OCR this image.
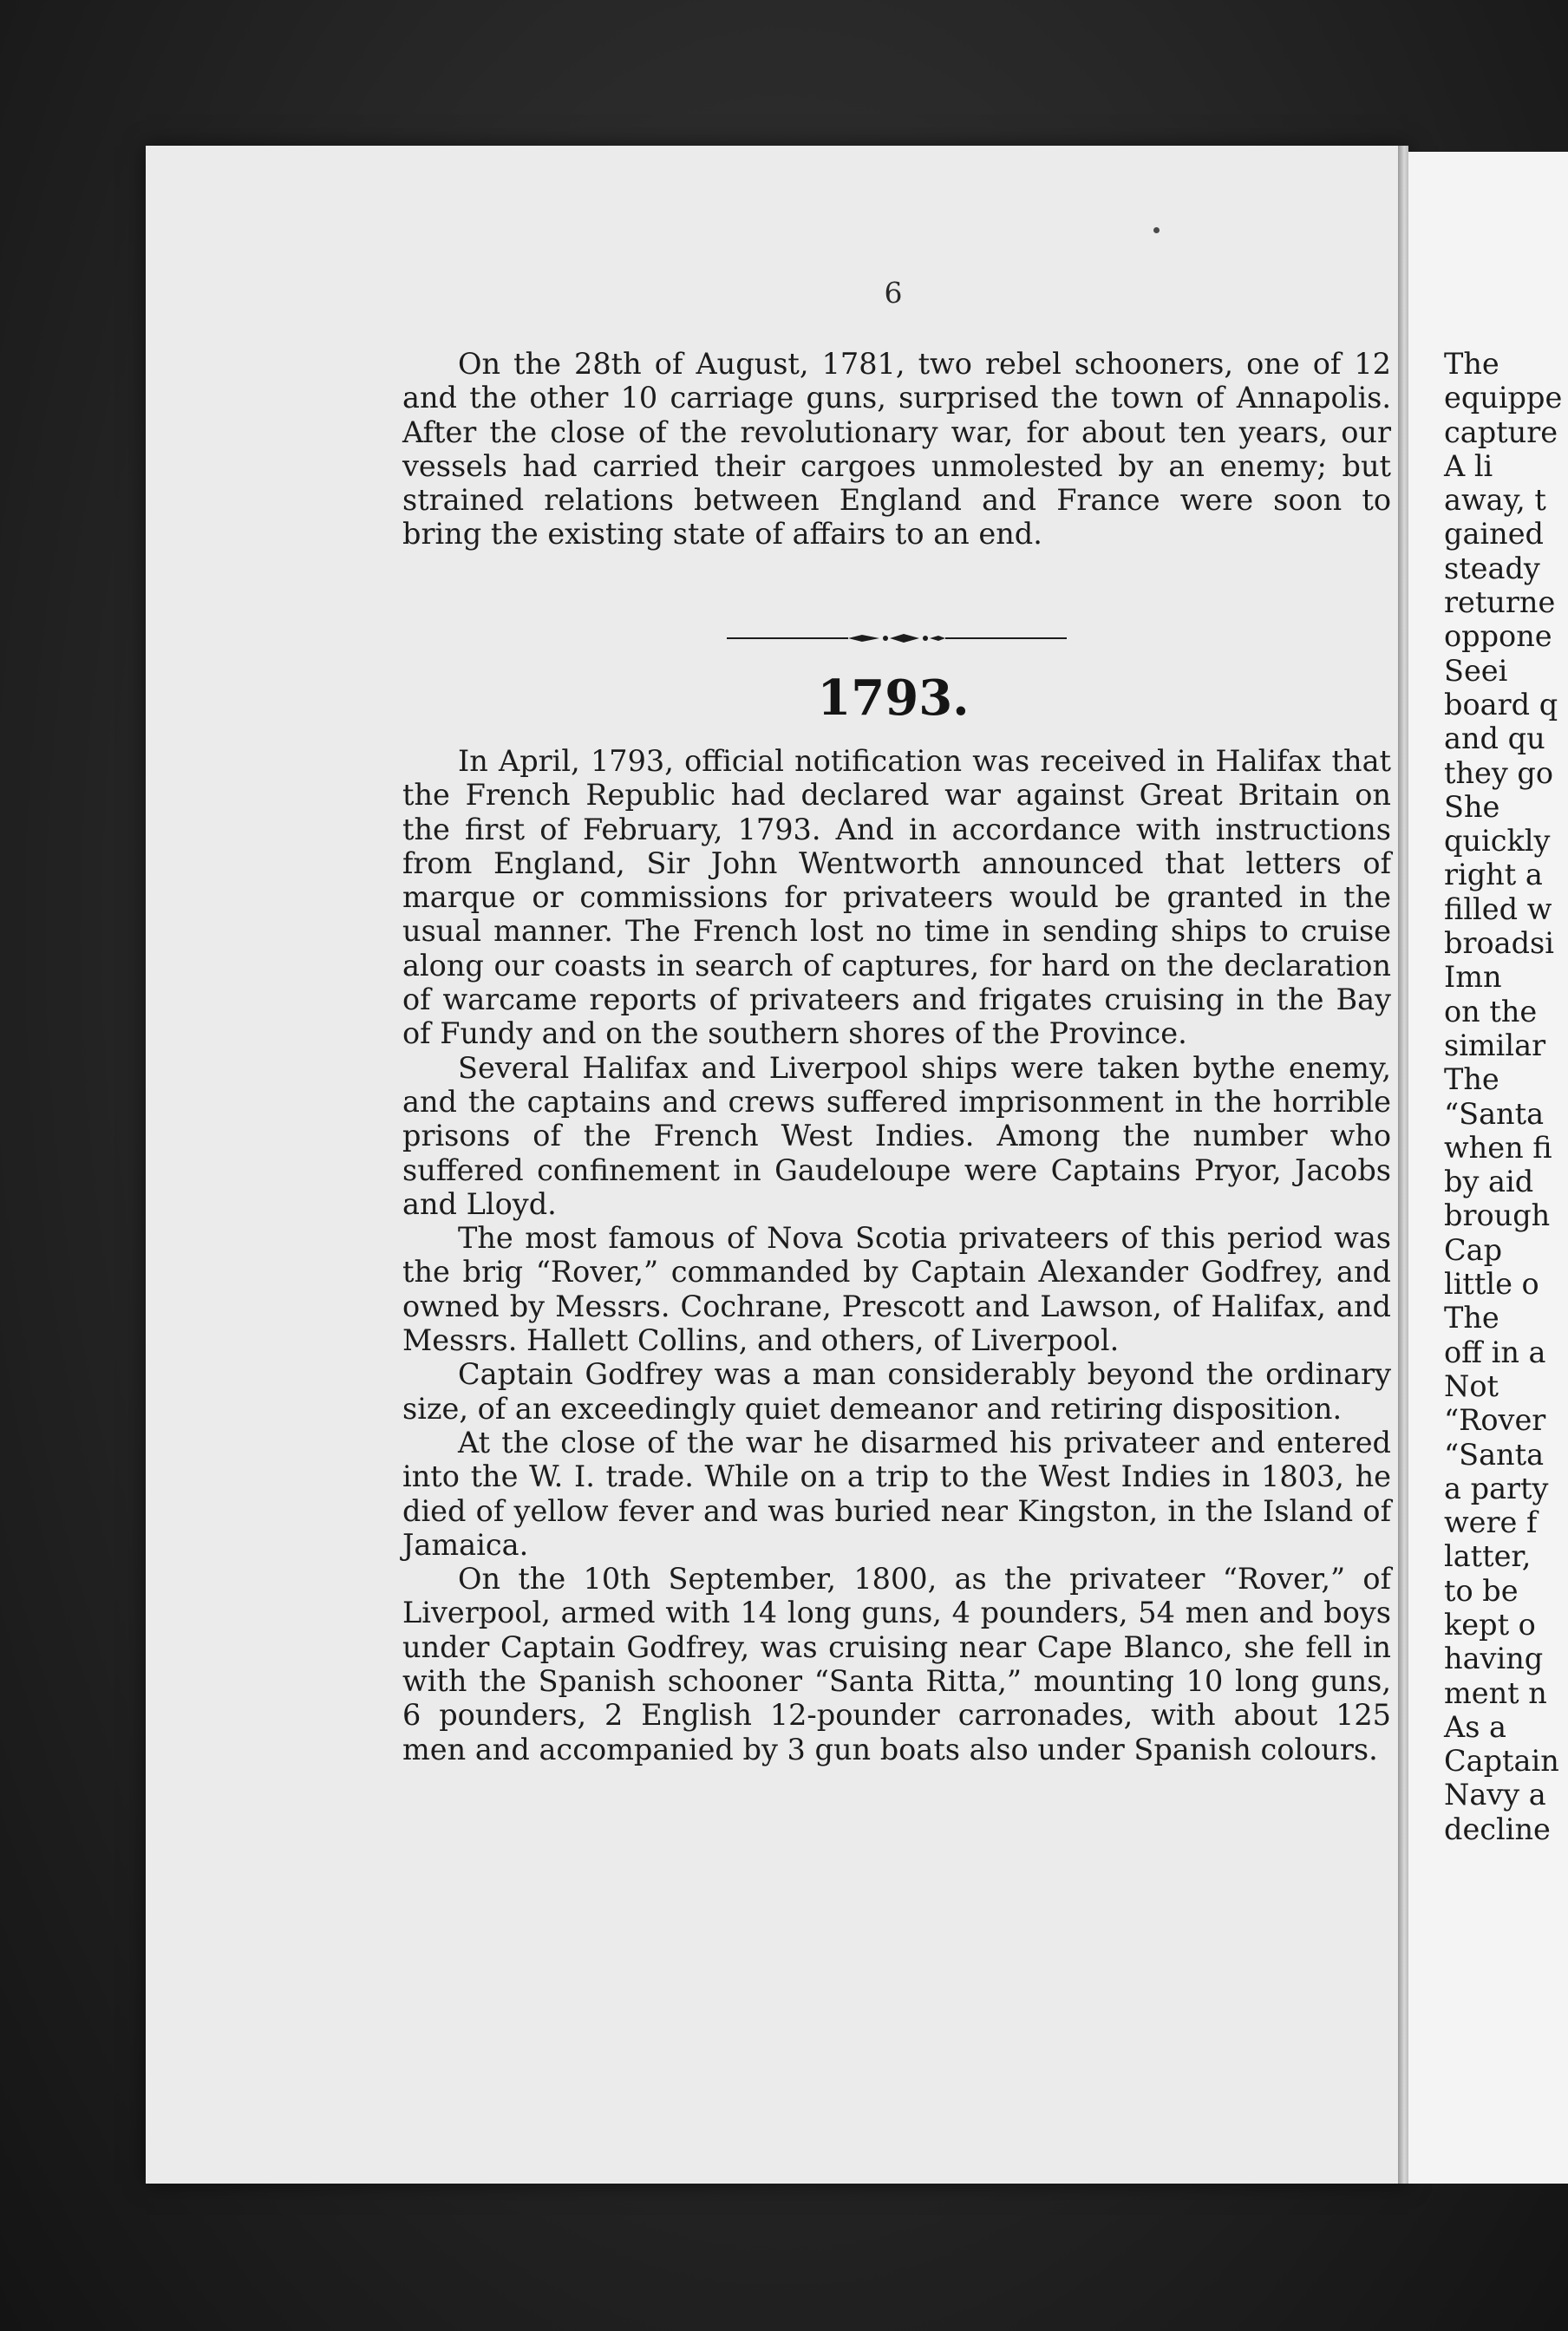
6

On the 28th of August, 1781, two rebel schooners, one of 12 and the other 10 carriage guns, surprised the town of Annapolis. After the close of the revolutionary war, for about ten years, our vessels had carried their cargoes unmolested by an enemy; but strained relations between England and France were soon to bring the existing state of affairs to an end.

1793.

In April, 1793, official notification was received in Halifax that the French Republic had declared war against Great Britain on the first of February, 1793. And in accordance with instructions from England, Sir John Wentworth announced that letters of marque or commissions for privateers would be granted in the usual manner. The French lost no time in sending ships to cruise along our coasts in search of captures, for hard on the declaration of warcame reports of privateers and frigates cruising in the Bay of Fundy and on the southern shores of the Province.

Several Halifax and Liverpool ships were taken bythe enemy, and the captains and crews suffered imprisonment in the horrible prisons of the French West Indies. Among the number who suffered confinement in Gaudeloupe were Captains Pryor, Jacobs and Lloyd.

The most famous of Nova Scotia privateers of this period was the brig “Rover,” commanded by Captain Alexander Godfrey, and owned by Messrs. Cochrane, Prescott and Lawson, of Halifax, and Messrs. Hallett Collins, and others, of Liverpool.

Captain Godfrey was a man considerably beyond the ordinary size, of an exceedingly quiet demeanor and retiring disposition.

At the close of the war he disarmed his privateer and entered into the W. I. trade. While on a trip to the West Indies in 1803, he died of yellow fever and was buried near Kingston, in the Island of Jamaica.

On the 10th September, 1800, as the privateer “Rover,” of Liverpool, armed with 14 long guns, 4 pounders, 54 men and boys under Captain Godfrey, was cruising near Cape Blanco, she fell in with the Spanish schooner “Santa Ritta,” mounting 10 long guns, 6 pounders, 2 English 12-pounder carronades, with about 125 men and accompanied by 3 gun boats also under Spanish colours.

The
equippe
capture
A li
away, t
gained
steady
returne
oppone
Seei
board q
and qu
they go
She
quickly
right a
filled w
broadsi
Imn
on the
similar
The
“Santa
when fi
by aid
brough
Cap
little o
The
off in a
Not
“Rover
“Santa
a party
were f
latter,
to be
kept o
having
ment n
As a
Captain
Navy a
decline
